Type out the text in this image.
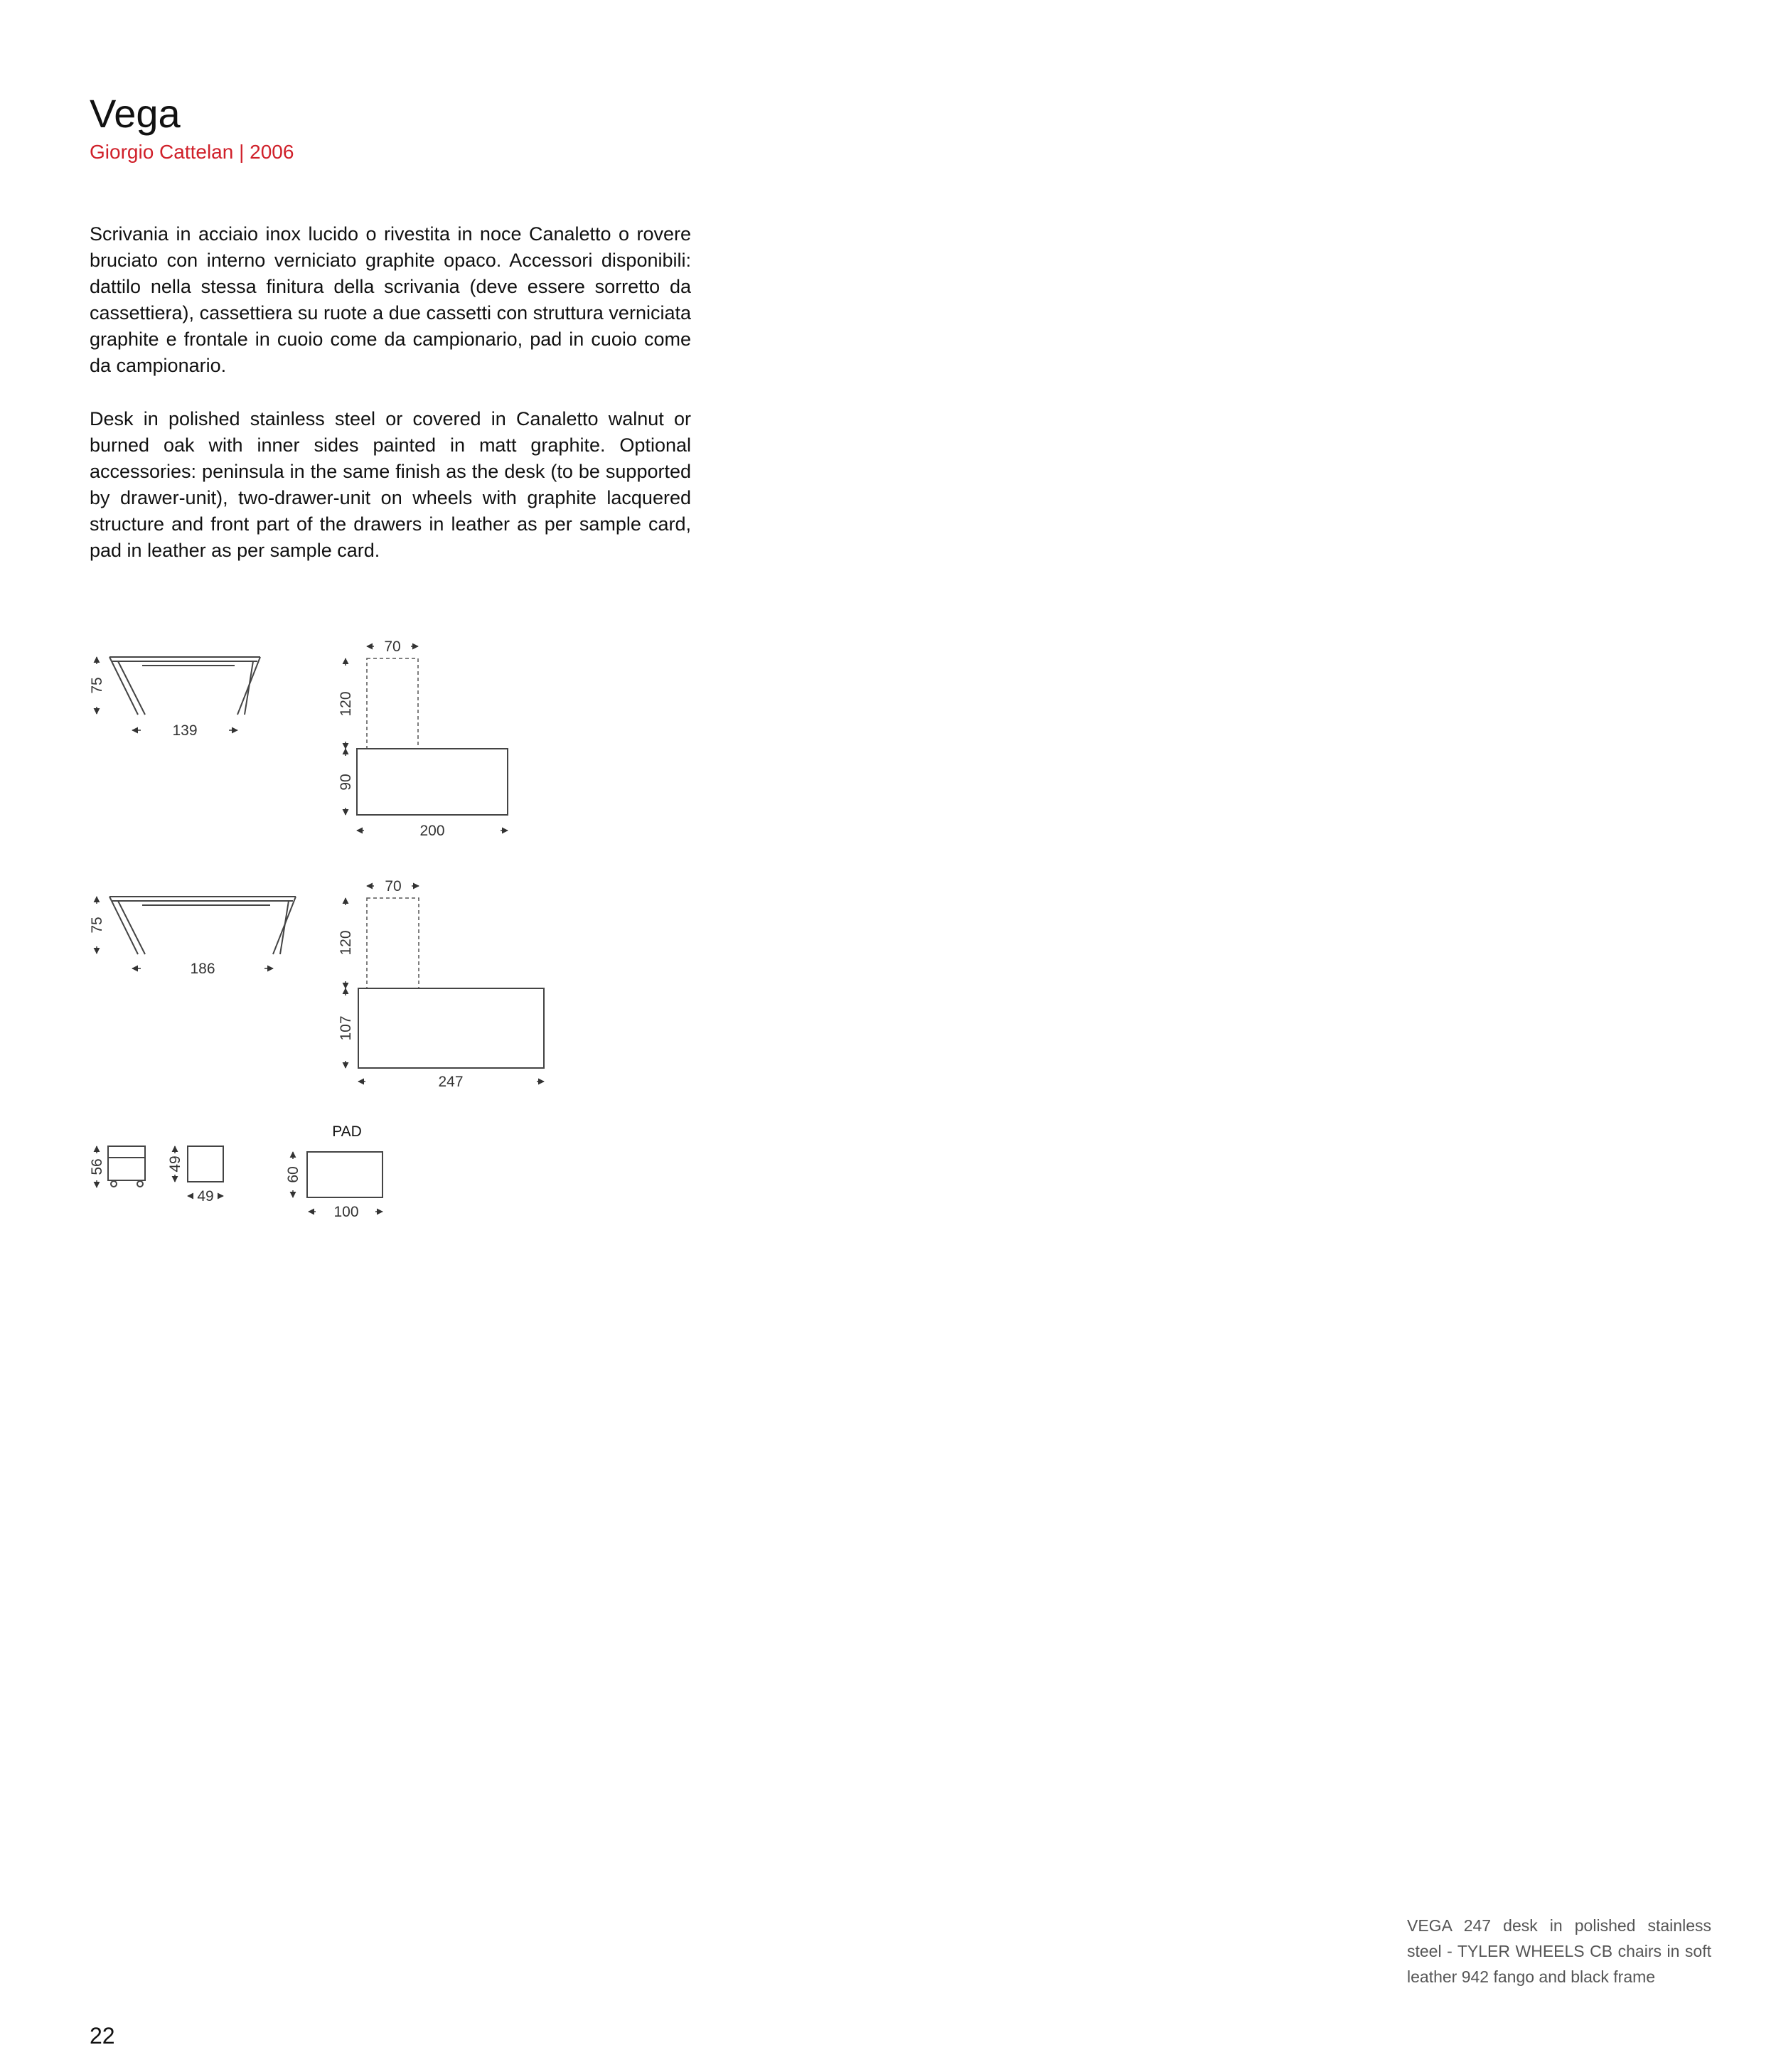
Vega

Giorgio Cattelan | 2006

Scrivania in acciaio inox lucido o rivestita in noce Canaletto o rovere bruciato con interno verniciato graphite opaco. Accessori disponibili: dattilo nella stessa finitura della scrivania (deve essere sorretto da cassettiera), cassettiera su ruote a due cassetti con struttura verniciata graphite e frontale in cuoio come da campionario, pad in cuoio come da campionario.

Desk in polished stainless steel or covered in Canaletto walnut or burned oak with inner sides painted in matt graphite. Optional accessories: peninsula in the same finish as the desk (to be supported by drawer-unit), two-drawer-unit on wheels with graphite lacquered structure and front part of the drawers in leather as per sample card, pad in leather as per sample card.

75
139
70
120
90
200
75
186
70
120
107
247
56	49
49
PAD
60
100

VEGA 247 desk in polished stainless steel - TYLER WHEELS CB chairs in soft leather 942 fango and black frame

22
